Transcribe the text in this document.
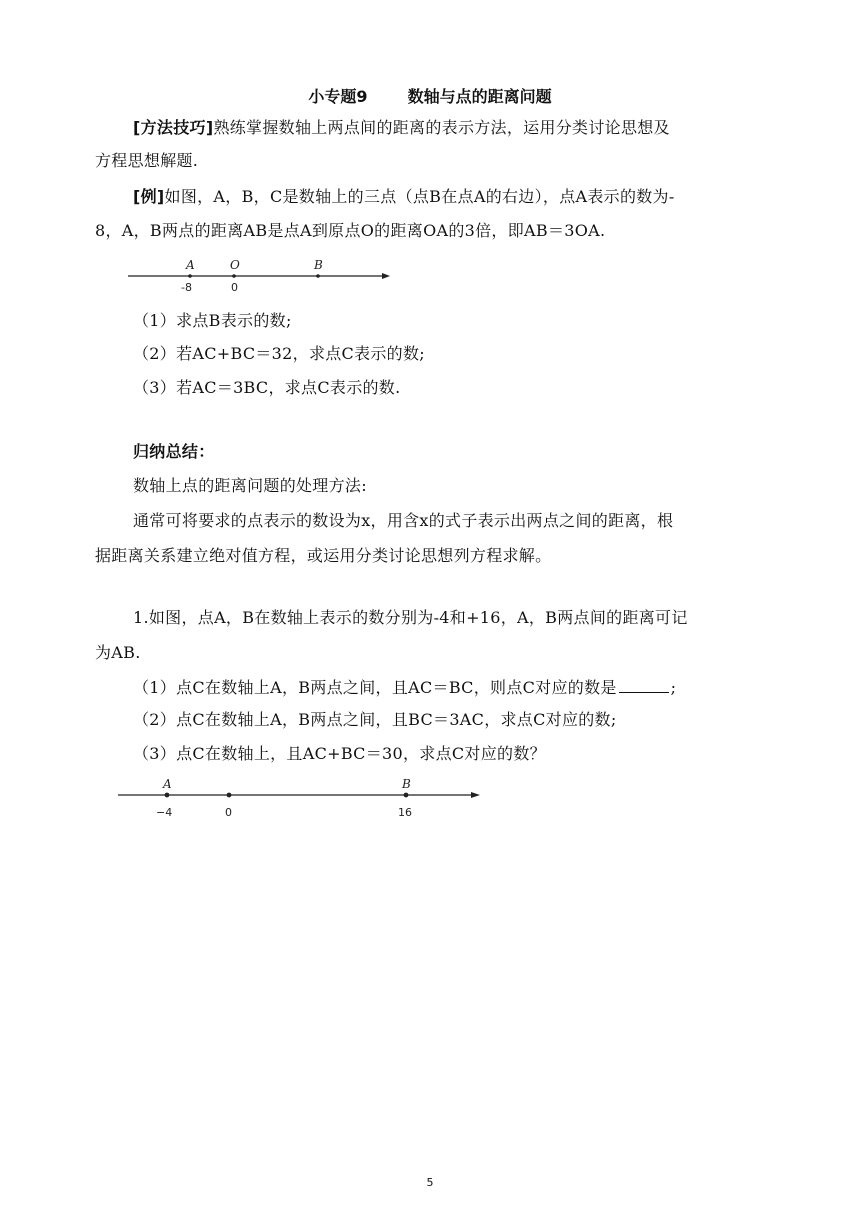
小专题9	数轴与点的距离问题
[方法技巧]熟练掌握数轴上两点间的距离的表示方法，运用分类讨论思想及
方程思想解题.
[例]如图，A，B，C是数轴上的三点（点B在点A的右边），点A表示的数为-
8，A，B两点的距离AB是点A到原点O的距离OA的3倍，即AB＝3OA.
A	O	B
-8	0
（1）求点B表示的数;
（2）若AC+BC＝32，求点C表示的数;
（3）若AC＝3BC，求点C表示的数.
归纳总结：
数轴上点的距离问题的处理方法:
通常可将要求的点表示的数设为x，用含x的式子表示出两点之间的距离，根
据距离关系建立绝对值方程，或运用分类讨论思想列方程求解。
1.如图，点A，B在数轴上表示的数分别为-4和+16，A，B两点间的距离可记
为AB.
（1）点C在数轴上A，B两点之间，且AC＝BC，则点C对应的数是	;
（2）点C在数轴上A，B两点之间，且BC＝3AC，求点C对应的数;
（3）点C在数轴上，且AC+BC＝30，求点C对应的数？
A	B
−4	0	16
5
